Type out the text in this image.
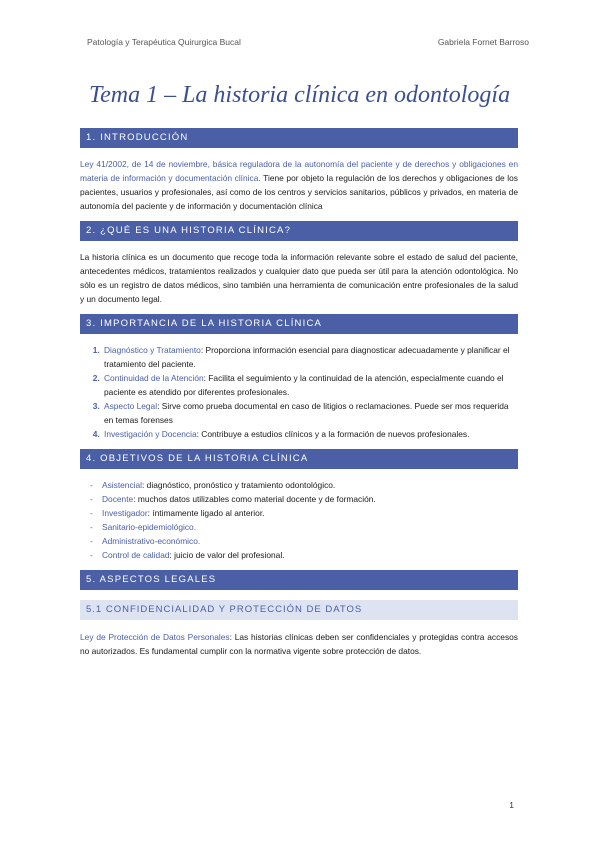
Patología y Terapéutica Quirurgica Bucal	Gabriela Fornet Barroso
Tema 1 – La historia clínica en odontología
1. INTRODUCCIÓN

Ley 41/2002, de 14 de noviembre, básica reguladora de la autonomía del paciente y de derechos y obligaciones en materia de información y documentación clínica. Tiene por objeto la regulación de los derechos y obligaciones de los pacientes, usuarios y profesionales, así como de los centros y servicios sanitarios, públicos y privados, en materia de autonomía del paciente y de información y documentación clínica

2. ¿QUÉ ES UNA HISTORIA CLÍNICA?

La historia clínica es un documento que recoge toda la información relevante sobre el estado de salud del paciente, antecedentes médicos, tratamientos realizados y cualquier dato que pueda ser útil para la atención odontológica. No sólo es un registro de datos médicos, sino también una herramienta de comunicación entre profesionales de la salud y un documento legal.

3. IMPORTANCIA DE LA HISTORIA CLÍNICA
1. Diagnóstico y Tratamiento: Proporciona información esencial para diagnosticar adecuadamente y planificar el tratamiento del paciente.
2. Continuidad de la Atención: Facilita el seguimiento y la continuidad de la atención, especialmente cuando el paciente es atendido por diferentes profesionales.
3. Aspecto Legal: Sirve como prueba documental en caso de litigios o reclamaciones. Puede ser mos requerida en temas forenses
4. Investigación y Docencia: Contribuye a estudios clínicos y a la formación de nuevos profesionales.
4. OBJETIVOS DE LA HISTORIA CLÍNICA
- Asistencial: diagnóstico, pronóstico y tratamiento odontológico.
- Docente: muchos datos utilizables como material docente y de formación.
- Investigador: íntimamente ligado al anterior.
- Sanitario-epidemiológico.
- Administrativo-económico.
- Control de calidad: juicio de valor del profesional.
5. ASPECTOS LEGALES
5.1 CONFIDENCIALIDAD Y PROTECCIÓN DE DATOS

Ley de Protección de Datos Personales: Las historias clínicas deben ser confidenciales y protegidas contra accesos no autorizados. Es fundamental cumplir con la normativa vigente sobre protección de datos.

1
